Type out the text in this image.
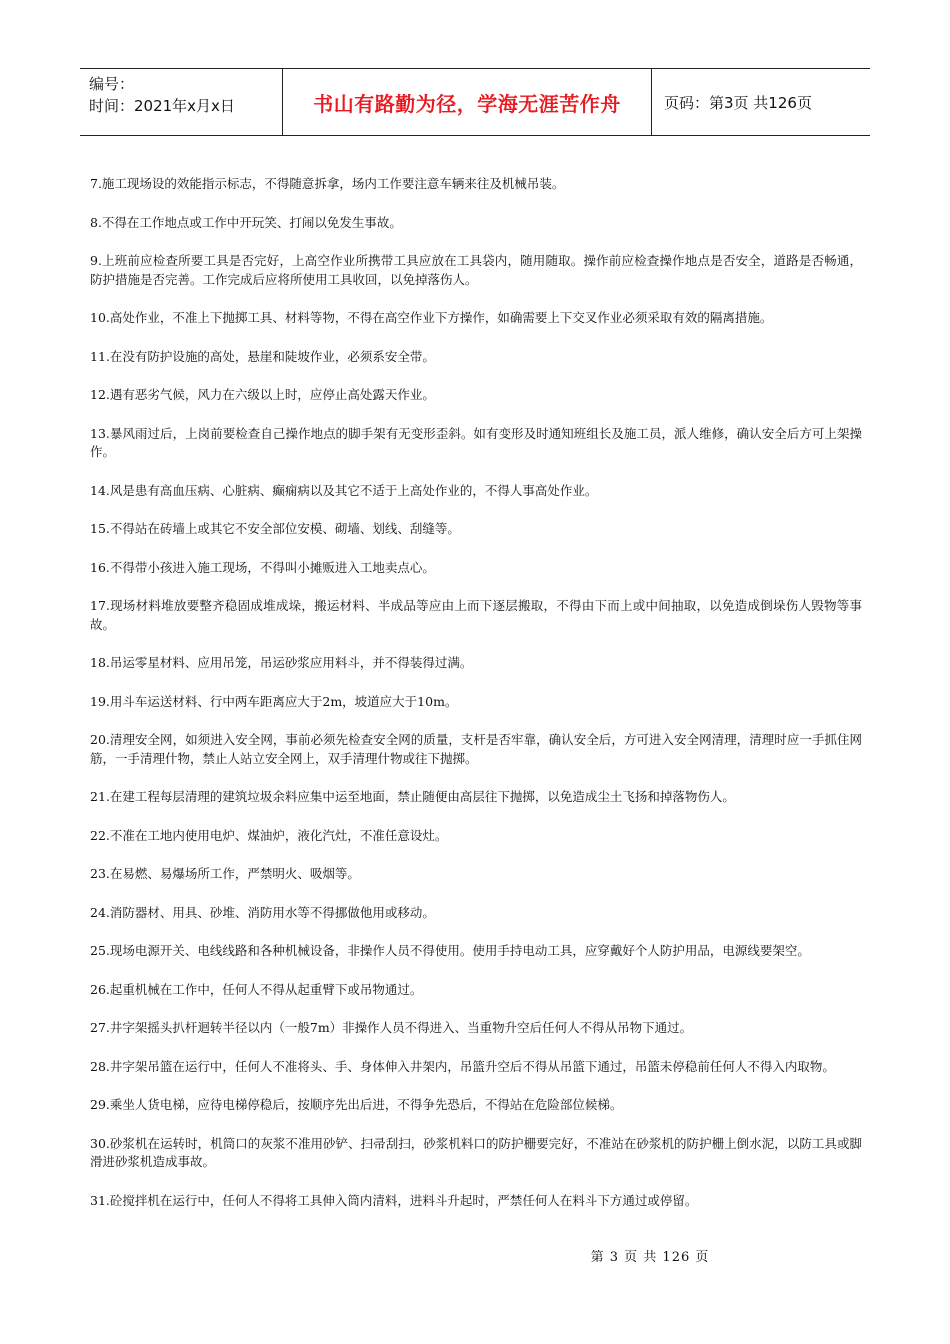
编号：
时间：2021年x月x日	书山有路勤为径，学海无涯苦作舟	页码：第3页 共126页

7.施工现场设的效能指示标志，不得随意拆拿，场内工作要注意车辆来往及机械吊装。

8.不得在工作地点或工作中开玩笑、打闹以免发生事故。

9.上班前应检查所要工具是否完好，上高空作业所携带工具应放在工具袋内，随用随取。操作前应检查操作地点是否安全，道路是否畅通，防护措施是否完善。工作完成后应将所使用工具收回，以免掉落伤人。

10.高处作业，不准上下抛掷工具、材料等物，不得在高空作业下方操作，如确需要上下交叉作业必须采取有效的隔离措施。

11.在没有防护设施的高处，悬崖和陡坡作业，必须系安全带。

12.遇有恶劣气候，风力在六级以上时，应停止高处露天作业。

13.暴风雨过后，上岗前要检查自己操作地点的脚手架有无变形歪斜。如有变形及时通知班组长及施工员，派人维修，确认安全后方可上架操作。

14.风是患有高血压病、心脏病、癫痫病以及其它不适于上高处作业的，不得人事高处作业。

15.不得站在砖墙上或其它不安全部位安模、砌墙、划线、刮缝等。

16.不得带小孩进入施工现场，不得叫小摊贩进入工地卖点心。

17.现场材料堆放要整齐稳固成堆成垛，搬运材料、半成品等应由上而下逐层搬取，不得由下而上或中间抽取，以免造成倒垛伤人毁物等事故。

18.吊运零星材料、应用吊笼，吊运砂浆应用料斗，并不得装得过满。

19.用斗车运送材料、行中两车距离应大于2m，坡道应大于10m。

20.清理安全网，如须进入安全网，事前必须先检查安全网的质量，支杆是否牢靠，确认安全后，方可进入安全网清理，清理时应一手抓住网筋，一手清理什物，禁止人站立安全网上，双手清理什物或往下抛掷。

21.在建工程每层清理的建筑垃圾余料应集中运至地面，禁止随便由高层往下抛掷，以免造成尘土飞扬和掉落物伤人。

22.不准在工地内使用电炉、煤油炉，液化汽灶，不准任意设灶。

23.在易燃、易爆场所工作，严禁明火、吸烟等。

24.消防器材、用具、砂堆、消防用水等不得挪做他用或移动。

25.现场电源开关、电线线路和各种机械设备，非操作人员不得使用。使用手持电动工具，应穿戴好个人防护用品，电源线要架空。

26.起重机械在工作中，任何人不得从起重臂下或吊物通过。

27.井字架摇头扒杆迴转半径以内（一般7m）非操作人员不得进入、当重物升空后任何人不得从吊物下通过。

28.井字架吊篮在运行中，任何人不准将头、手、身体伸入井架内，吊篮升空后不得从吊篮下通过，吊篮未停稳前任何人不得入内取物。

29.乘坐人货电梯，应待电梯停稳后，按顺序先出后进，不得争先恐后，不得站在危险部位候梯。

30.砂浆机在运转时，机筒口的灰浆不准用砂铲、扫帚刮扫，砂浆机料口的防护栅要完好，不准站在砂浆机的防护栅上倒水泥，以防工具或脚滑进砂浆机造成事故。

31.砼搅拌机在运行中，任何人不得将工具伸入筒内清料，进料斗升起时，严禁任何人在料斗下方通过或停留。

第 3 页 共 126 页
